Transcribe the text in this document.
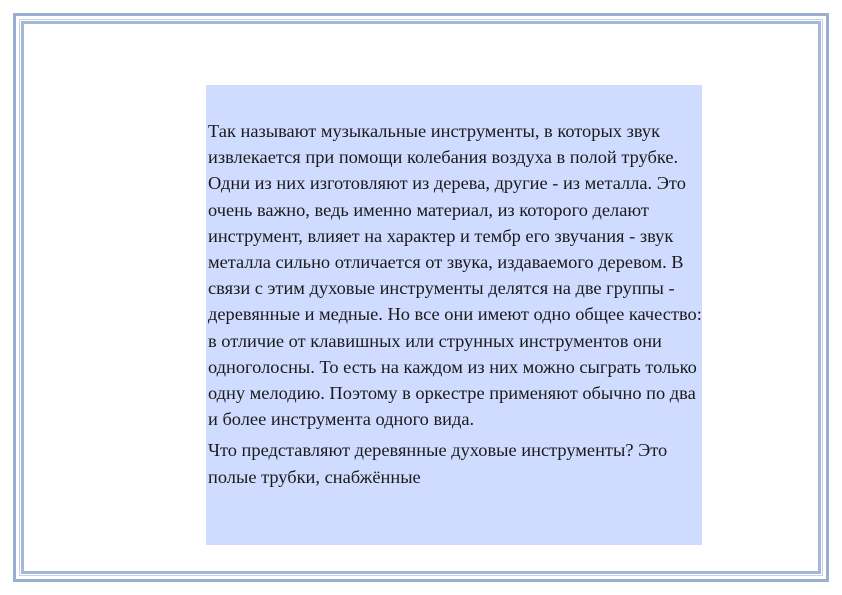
Так называют музыкальные инструменты, в которых звук извлекается при помощи колебания воздуха в полой трубке. Одни из них изготовляют из дерева, другие - из металла. Это очень важно, ведь именно материал, из которого делают инструмент, влияет на характер и тембр его звучания - звук металла сильно отличается от звука, издаваемого деревом. В связи с этим духовые инструменты делятся на две группы - деревянные и медные. Но все они имеют одно общее качество: в отличие от клавишных или струнных инструментов они одноголосны. То есть на каждом из них можно сыграть только одну мелодию. Поэтому в оркестре применяют обычно по два и более инструмента одного вида.

Что представляют деревянные духовые инструменты? Это полые трубки, снабжённые
